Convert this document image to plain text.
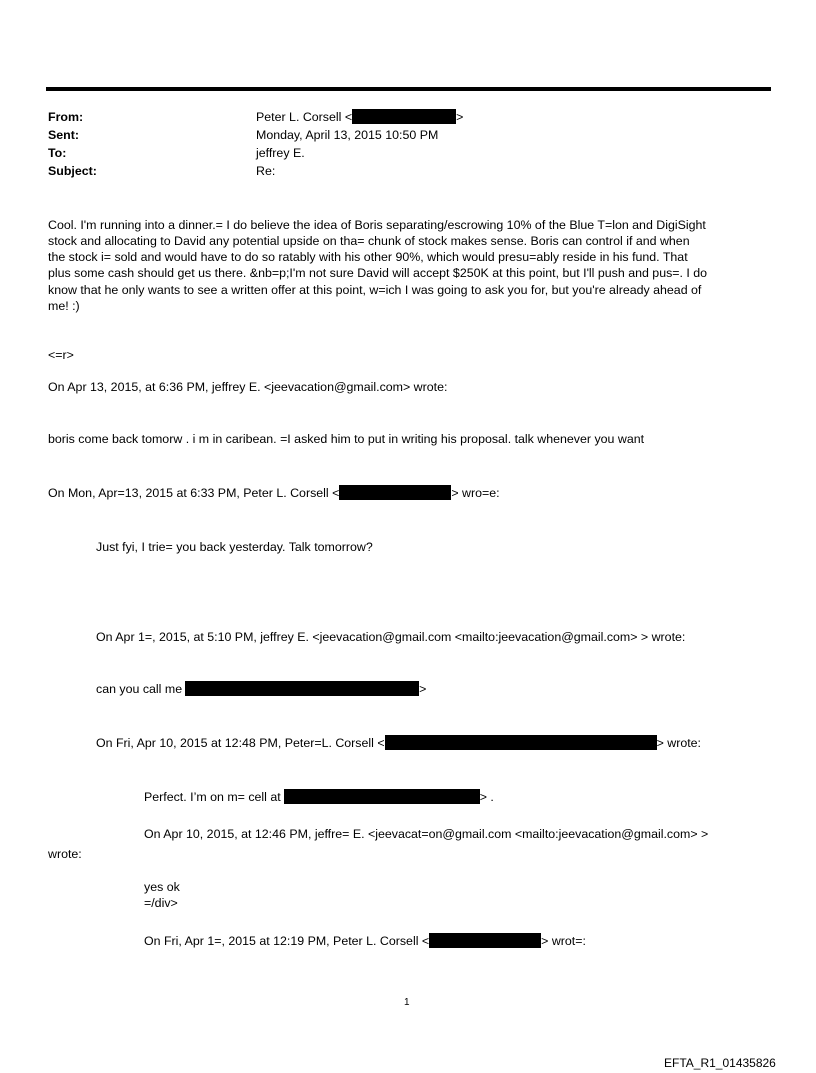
From:	Peter L. Corsell <	>
Sent:	Monday, April 13, 2015 10:50 PM
To:	jeffrey E.
Subject:	Re:
Cool. I'm running into a dinner.= I do believe the idea of Boris separating/escrowing 10% of the Blue T=lon and DigiSight
stock and allocating to David any potential upside on tha= chunk of stock makes sense. Boris can control if and when
the stock i= sold and would have to do so ratably with his other 90%, which would presu=ably reside in his fund. That
plus some cash should get us there. &nb=p;I'm not sure David will accept $250K at this point, but I'll push and pus=. I do
know that he only wants to see a written offer at this point, w=ich I was going to ask you for, but you're already ahead of
me! :)
<=r>
On Apr 13, 2015, at 6:36 PM, jeffrey E. <jeevacation@gmail.com> wrote:
boris come back tomorw . i m in caribean. =I asked him to put in writing his proposal. talk whenever you want
On Mon, Apr=13, 2015 at 6:33 PM, Peter L. Corsell <	> wro=e:
Just fyi, I trie= you back yesterday. Talk tomorrow?
On Apr 1=, 2015, at 5:10 PM, jeffrey E. <jeevacation@gmail.com <mailto:jeevacation@gmail.com> > wrote:
can you call me	>
On Fri, Apr 10, 2015 at 12:48 PM, Peter=L. Corsell <	> wrote:
Perfect. I’m on m= cell at	> .
On Apr 10, 2015, at 12:46 PM, jeffre= E. <jeevacat=on@gmail.com <mailto:jeevacation@gmail.com> >
wrote:
yes ok
=/div>
On Fri, Apr 1=, 2015 at 12:19 PM, Peter L. Corsell <	> wrot=:
1
EFTA_R1_01435826
